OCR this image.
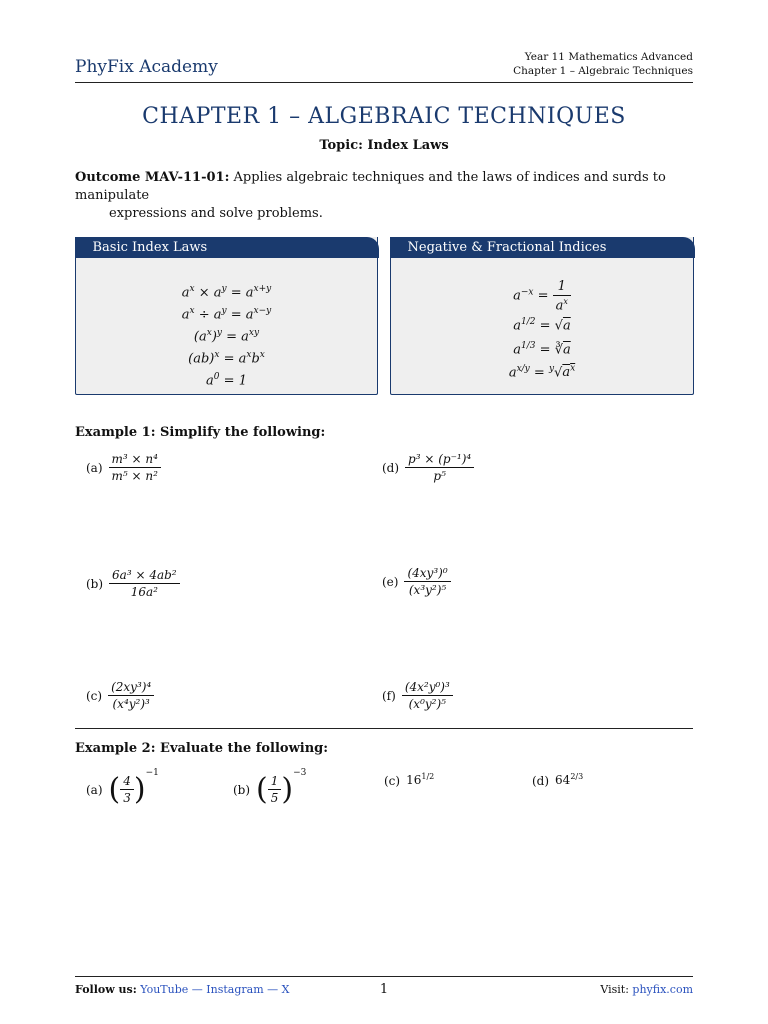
PhyFix Academy	Year 11 Mathematics Advanced
Chapter 1 – Algebraic Techniques
CHAPTER 1 – ALGEBRAIC TECHNIQUES
Topic: Index Laws
Outcome MAV-11-01: Applies algebraic techniques and the laws of indices and surds to manipulate
expressions and solve problems.
Basic Index Laws
$a^x \times a^y = a^{x+y}$
$a^x \div a^y = a^{x-y}$
$(a^x)^y = a^{xy}$
$(ab)^x = a^xb^x$
$a^0 = 1$
Negative & Fractional Indices
$a^{-x} = \frac{1}{a^x}$
$a^{1/2} = √a$
$a^{1/3}$ = $∛\overline{a}$
$a^{x/y} = ^y√a^x$
Example 1: Simplify the following:
$(a) \frac{\text{m³ × n⁴}}{\text{m⁵ × n²}}$
$(b) \frac{\text{6a³ × 4ab²}}{\text{16a²}}$
$(c) \frac{\text{(2xy³)⁴}}{\text{(x⁴y²)³}}$
$(d) \frac{\text{p³ × (p⁻¹)⁴}}{\text{p⁵}}$
$(e) \frac{\text{(4xy³)⁰}}{\text{(x³y²)⁵}}$
$(f) \frac{\text{(4x²y⁰)³}}{\text{(x⁰y²)⁵}}$
Example 2: Evaluate the following:
(a) ( $\frac{4}{3} )^{-1}$
(b) ( $\frac{1}{5} )^{-3}$
(c) $16^{1/2}$	(d) $64^{2/3}$
Follow us: YouTube — Instagram — X	1	Visit: phyfix.com
